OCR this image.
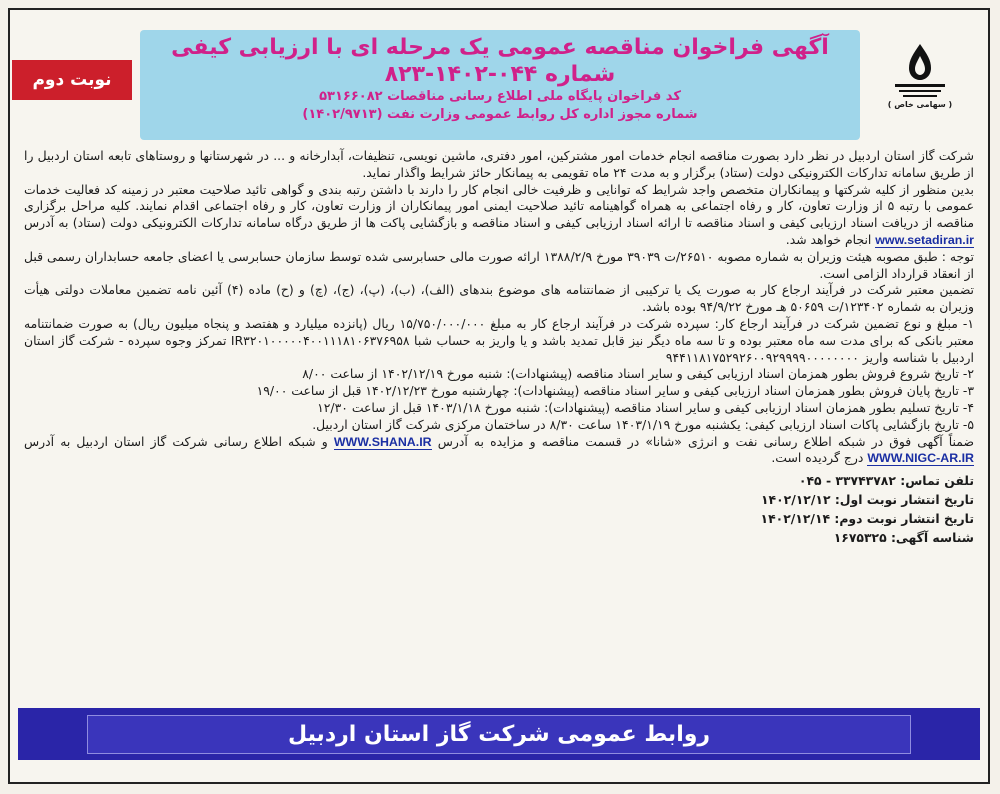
نوبت دوم
آگهی فراخوان مناقصه عمومی یک مرحله ای با ارزیابی کیفی
شماره ۰۴۴-۱۴۰۲-۸۲۳
کد فراخوان پایگاه ملی اطلاع رسانی مناقصات ۵۳۱۶۶۰۸۲
شماره مجوز اداره کل روابط عمومی وزارت نفت (۱۴۰۲/۹۷۱۳)
( سهامی خاص )

شرکت گاز استان اردبیل در نظر دارد بصورت مناقصه انجام خدمات امور مشترکین، امور دفتری، ماشین نویسی، تنظیفات، آبدارخانه و ... در شهرستانها و روستاهای تابعه استان اردبیل را از طریق سامانه تدارکات الکترونیکی دولت (ستاد) برگزار و به مدت ۲۴ ماه تقویمی به پیمانکار حائز شرایط واگذار نماید.

بدین منظور از کلیه شرکتها و پیمانکاران متخصص واجد شرایط که توانایی و ظرفیت خالی انجام کار را دارند با داشتن رتبه بندی و گواهی تائید صلاحیت معتبر در زمینه کد فعالیت خدمات عمومی با رتبه ۵ از وزارت تعاون، کار و رفاه اجتماعی به همراه گواهینامه تائید صلاحیت ایمنی امور پیمانکاران از وزارت تعاون، کار و رفاه اجتماعی اقدام نمایند. کلیه مراحل برگزاری مناقصه از دریافت اسناد ارزیابی کیفی و اسناد مناقصه تا ارائه اسناد ارزیابی کیفی و اسناد مناقصه و بازگشایی پاکت ها از طریق درگاه سامانه تدارکات الکترونیکی دولت (ستاد) به آدرس www.setadiran.ir انجام خواهد شد.

توجه : طبق مصوبه هیئت وزیران به شماره مصوبه ۲۶۵۱۰/ت ۳۹۰۳۹ مورخ ۱۳۸۸/۲/۹ ارائه صورت مالی حسابرسی شده توسط سازمان حسابرسی یا اعضای جامعه حسابداران رسمی قبل از انعقاد قرارداد الزامی است.

تضمین معتبر شرکت در فرآیند ارجاع کار به صورت یک یا ترکیبی از ضمانتنامه های موضوع بندهای (الف)، (ب)، (پ)، (ج)، (چ) و (ح) ماده (۴) آئین نامه تضمین معاملات دولتی هیأت وزیران به شماره ۱۲۳۴۰۲/ت ۵۰۶۵۹ هـ مورخ ۹۴/۹/۲۲ بوده باشد.

۱- مبلغ و نوع تضمین شرکت در فرآیند ارجاع کار: سپرده شرکت در فرآیند ارجاع کار به مبلغ ۱۵/۷۵۰/۰۰۰/۰۰۰ ریال (پانزده میلیارد و هفتصد و پنجاه میلیون ریال) به صورت ضمانتنامه معتبر بانکی که برای مدت سه ماه معتبر بوده و تا سه ماه دیگر نیز قابل تمدید باشد و یا واریز به حساب شبا IR۳۲۰۱۰۰۰۰۰۴۰۰۱۱۱۸۱۰۶۳۷۶۹۵۸ تمرکز وجوه سپرده - شرکت گاز استان اردبیل با شناسه واریز ۹۴۴۱۱۸۱۷۵۲۹۲۶۰۰۹۲۹۹۹۹۰۰۰۰۰۰۰۰

۲- تاریخ شروع فروش بطور همزمان اسناد ارزیابی کیفی و سایر اسناد مناقصه (پیشنهادات): شنبه مورخ ۱۴۰۲/۱۲/۱۹ از ساعت ۸/۰۰

۳- تاریخ پایان فروش بطور همزمان اسناد ارزیابی کیفی و سایر اسناد مناقصه (پیشنهادات): چهارشنبه مورخ ۱۴۰۲/۱۲/۲۳ قبل از ساعت ۱۹/۰۰

۴- تاریخ تسلیم بطور همزمان اسناد ارزیابی کیفی و سایر اسناد مناقصه (پیشنهادات): شنبه مورخ ۱۴۰۳/۱/۱۸ قبل از ساعت ۱۲/۳۰

۵- تاریخ بازگشایی پاکات اسناد ارزیابی کیفی: یکشنبه مورخ ۱۴۰۳/۱/۱۹ ساعت ۸/۳۰ در ساختمان مرکزی شرکت گاز استان اردبیل.

ضمناً آگهی فوق در شبکه اطلاع رسانی نفت و انرژی «شانا» در قسمت مناقصه و مزایده به آدرس WWW.SHANA.IR و شبکه اطلاع رسانی شرکت گاز استان اردبیل به آدرس WWW.NIGC-AR.IR درج گردیده است.

تلفن تماس: ۳۳۷۴۳۷۸۲ - ۰۴۵

تاریخ انتشار نوبت اول: ۱۴۰۲/۱۲/۱۲

تاریخ انتشار نوبت دوم: ۱۴۰۲/۱۲/۱۴

شناسه آگهی: ۱۶۷۵۳۲۵

روابط عمومی شرکت گاز استان اردبیل
